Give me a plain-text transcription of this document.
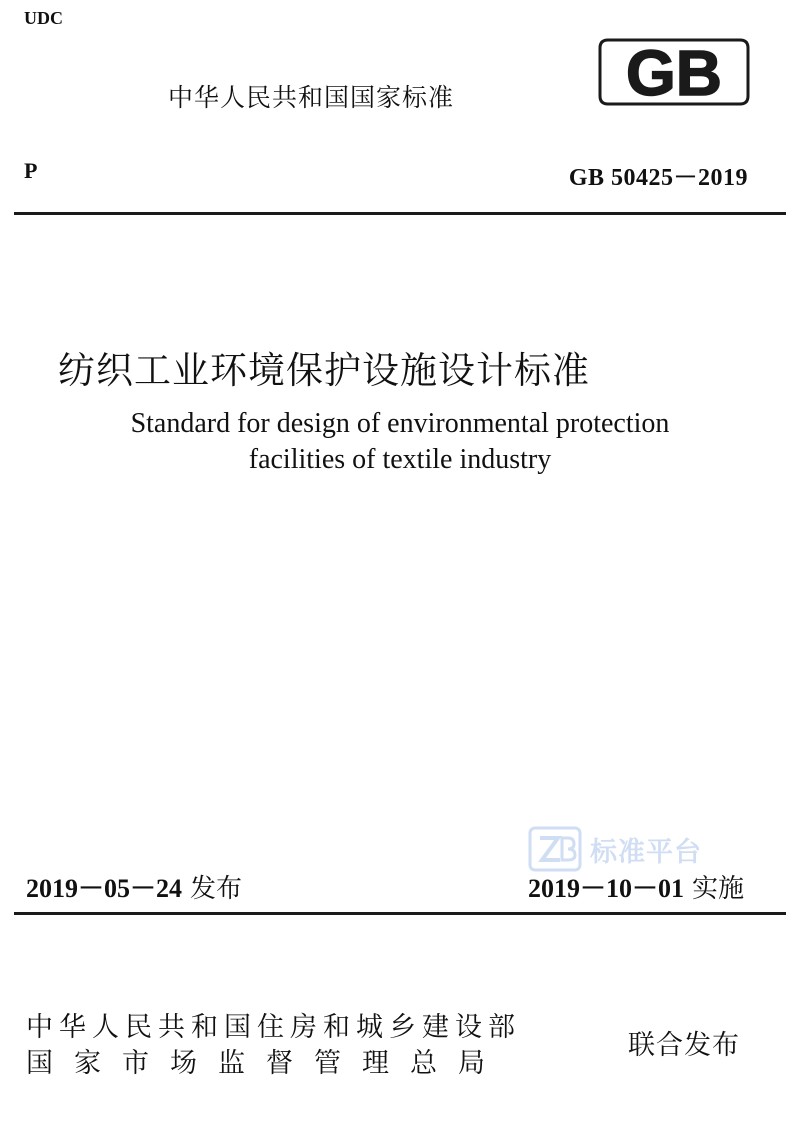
UDC
中华人民共和国国家标准	GB
P	GB 50425－2019
纺织工业环境保护设施设计标准
Standard for design of environmental protection
facilities of textile industry
标准平台
2019－05－24 发布	2019－10－01 实施
中华人民共和国住房和城乡建设部
国家市场监督管理总局
联合发布
